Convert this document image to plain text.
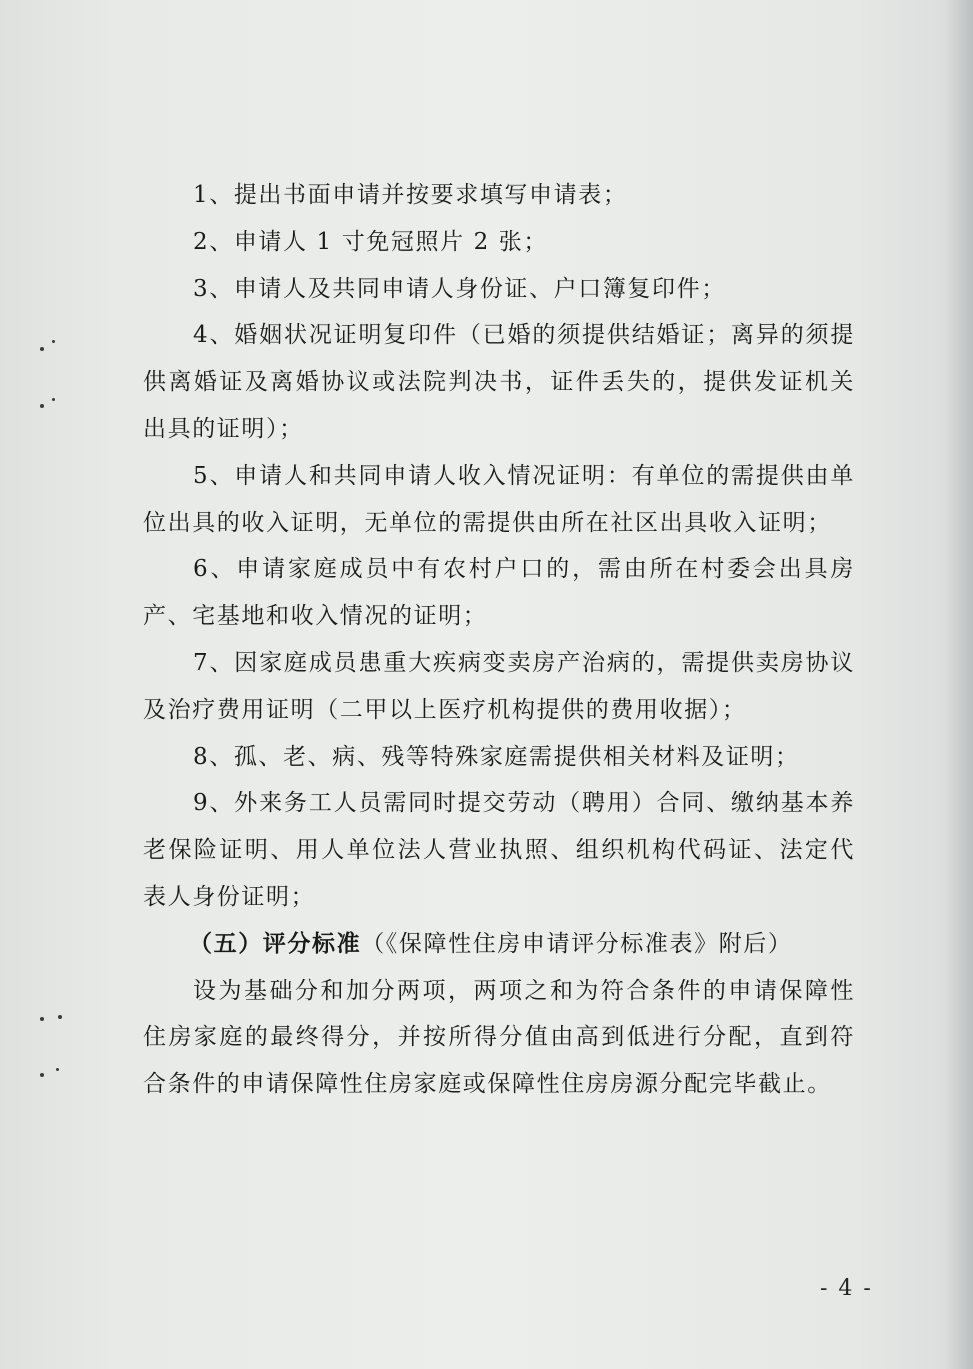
1、提出书面申请并按要求填写申请表；

2、申请人 1 寸免冠照片 2 张；

3、申请人及共同申请人身份证、户口簿复印件；

4、婚姻状况证明复印件（已婚的须提供结婚证；离异的须提供离婚证及离婚协议或法院判决书，证件丢失的，提供发证机关出具的证明）；

5、申请人和共同申请人收入情况证明：有单位的需提供由单位出具的收入证明，无单位的需提供由所在社区出具收入证明；

6、申请家庭成员中有农村户口的，需由所在村委会出具房产、宅基地和收入情况的证明；

7、因家庭成员患重大疾病变卖房产治病的，需提供卖房协议及治疗费用证明（二甲以上医疗机构提供的费用收据）；

8、孤、老、病、残等特殊家庭需提供相关材料及证明；

9、外来务工人员需同时提交劳动（聘用）合同、缴纳基本养老保险证明、用人单位法人营业执照、组织机构代码证、法定代表人身份证明；

（五）评分标准（《保障性住房申请评分标准表》附后）

设为基础分和加分两项，两项之和为符合条件的申请保障性住房家庭的最终得分，并按所得分值由高到低进行分配，直到符合条件的申请保障性住房家庭或保障性住房房源分配完毕截止。

- 4 -
